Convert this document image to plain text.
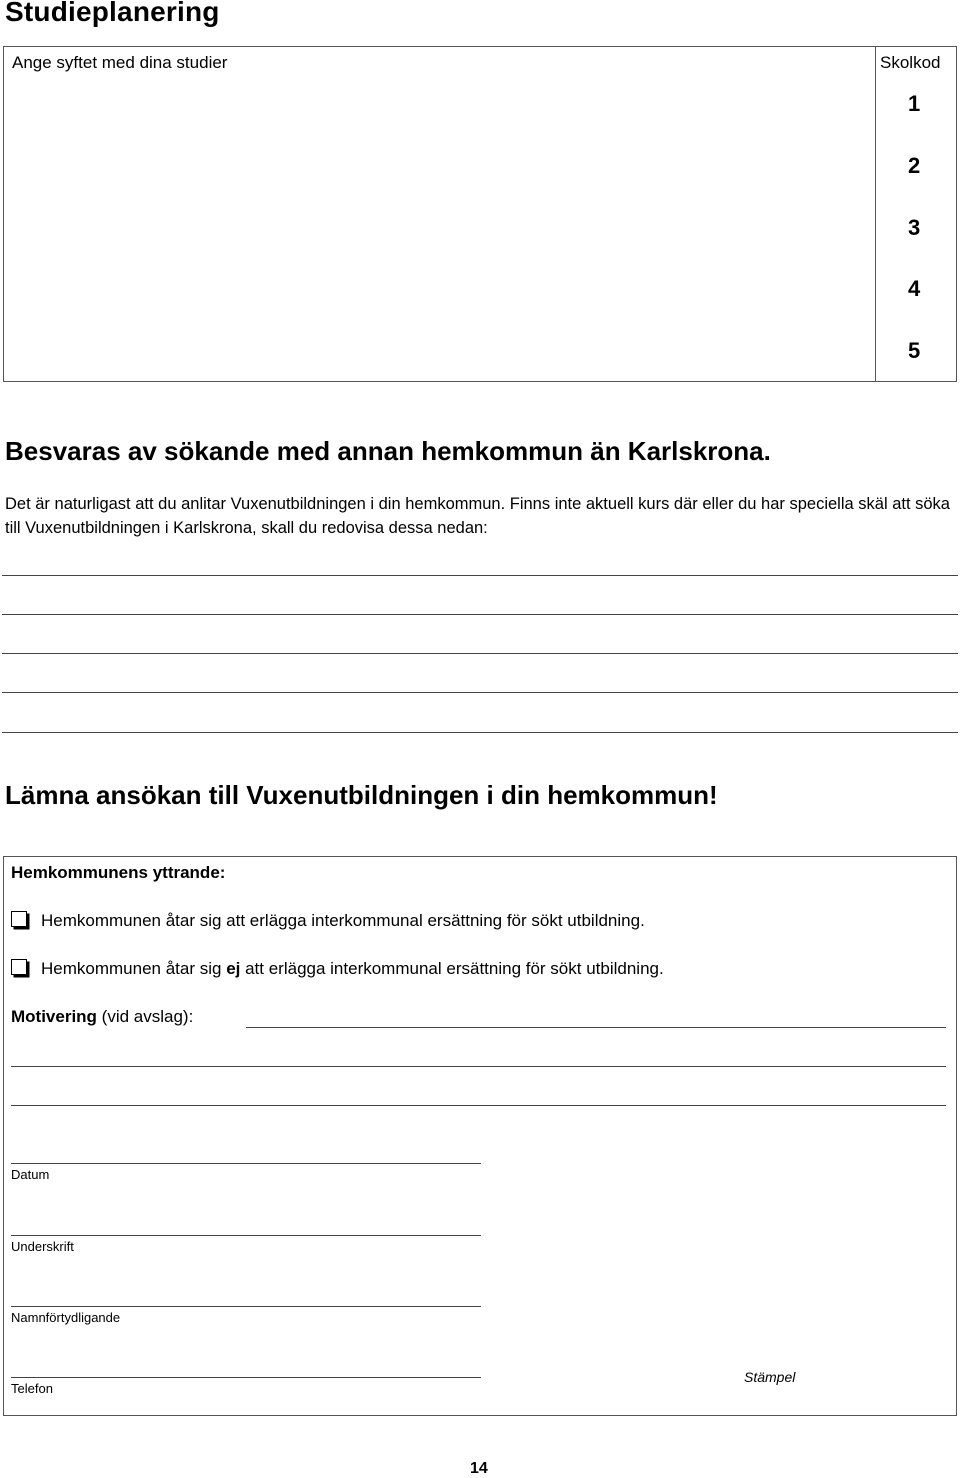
Studieplanering
Ange syftet med dina studier	Skolkod
1
2
3
4
5
Besvaras av sökande med annan hemkommun än Karlskrona.
Det är naturligast att du anlitar Vuxenutbildningen i din hemkommun. Finns inte aktuell kurs där eller du har speciella skäl att söka till Vuxenutbildningen i Karlskrona, skall du redovisa dessa nedan:
Lämna ansökan till Vuxenutbildningen i din hemkommun!
Hemkommunens yttrande:
Hemkommunen åtar sig att erlägga interkommunal ersättning för sökt utbildning.
Hemkommunen åtar sig ej att erlägga interkommunal ersättning för sökt utbildning.
Motivering (vid avslag):
Datum
Underskrift
Namnförtydligande
Telefon
Stämpel
14
